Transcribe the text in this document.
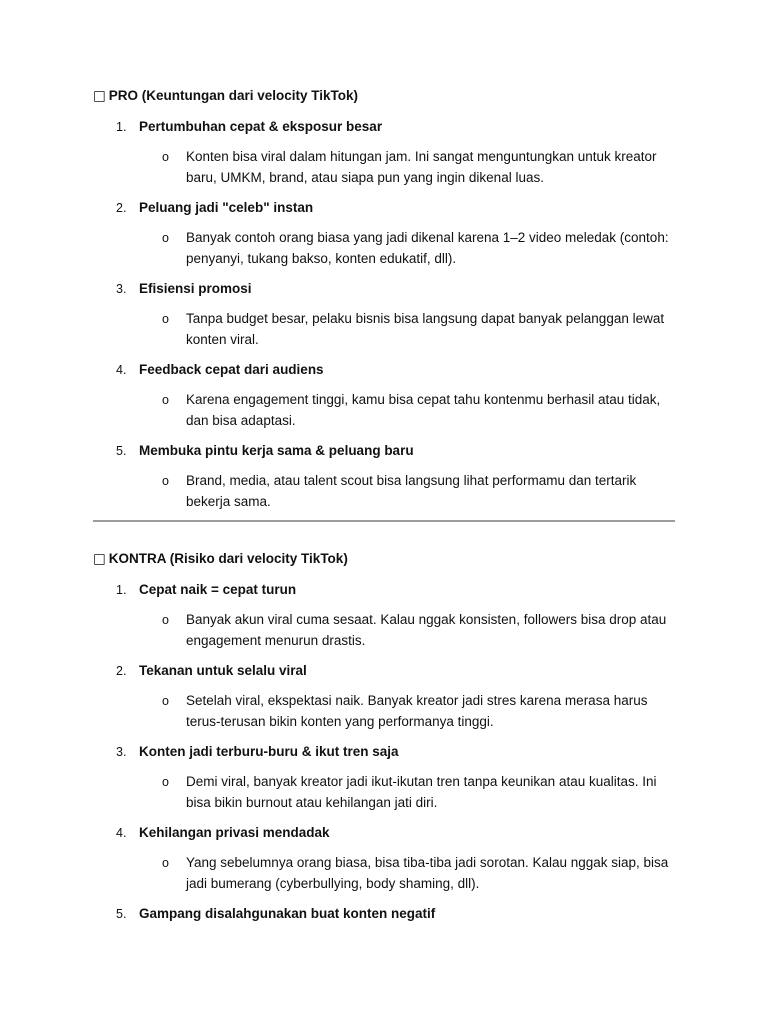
□ PRO (Keuntungan dari velocity TikTok)
1. Pertumbuhan cepat & eksposur besar
o Konten bisa viral dalam hitungan jam. Ini sangat menguntungkan untuk kreator baru, UMKM, brand, atau siapa pun yang ingin dikenal luas.
2. Peluang jadi "celeb" instan
o Banyak contoh orang biasa yang jadi dikenal karena 1–2 video meledak (contoh: penyanyi, tukang bakso, konten edukatif, dll).
3. Efisiensi promosi
o Tanpa budget besar, pelaku bisnis bisa langsung dapat banyak pelanggan lewat konten viral.
4. Feedback cepat dari audiens
o Karena engagement tinggi, kamu bisa cepat tahu kontenmu berhasil atau tidak, dan bisa adaptasi.
5. Membuka pintu kerja sama & peluang baru
o Brand, media, atau talent scout bisa langsung lihat performamu dan tertarik bekerja sama.
□ KONTRA (Risiko dari velocity TikTok)
1. Cepat naik = cepat turun
o Banyak akun viral cuma sesaat. Kalau nggak konsisten, followers bisa drop atau engagement menurun drastis.
2. Tekanan untuk selalu viral
o Setelah viral, ekspektasi naik. Banyak kreator jadi stres karena merasa harus terus-terusan bikin konten yang performanya tinggi.
3. Konten jadi terburu-buru & ikut tren saja
o Demi viral, banyak kreator jadi ikut-ikutan tren tanpa keunikan atau kualitas. Ini bisa bikin burnout atau kehilangan jati diri.
4. Kehilangan privasi mendadak
o Yang sebelumnya orang biasa, bisa tiba-tiba jadi sorotan. Kalau nggak siap, bisa jadi bumerang (cyberbullying, body shaming, dll).
5. Gampang disalahgunakan buat konten negatif
